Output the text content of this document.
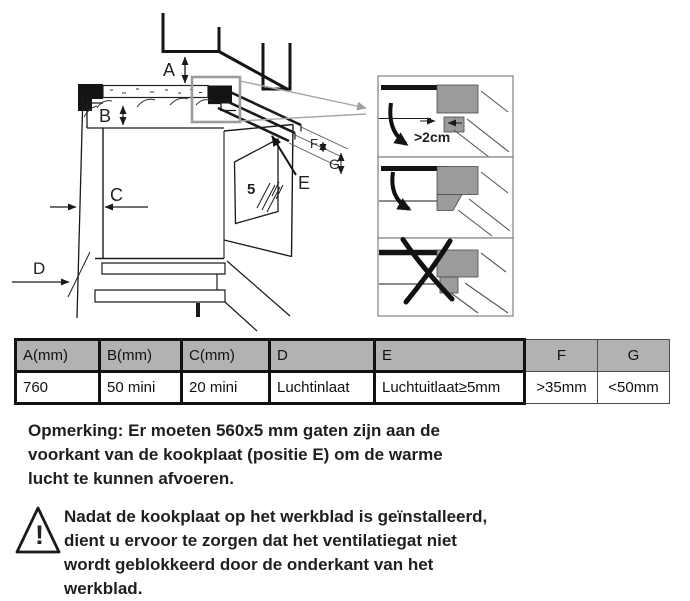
A
B
D
C	5
F
G
E
>2cm
A(mm)	B(mm)	C(mm)	D	E	F	G
760	50 mini	20 mini	Luchtinlaat	Luchtuitlaat≥5mm	>35mm	<50mm
Opmerking: Er moeten 560x5 mm gaten zijn aan de
voorkant van de kookplaat (positie E) om de warme
lucht te kunnen afvoeren.
!
Nadat de kookplaat op het werkblad is geïnstalleerd,
dient u ervoor te zorgen dat het ventilatiegat niet
wordt geblokkeerd door de onderkant van het
werkblad.
